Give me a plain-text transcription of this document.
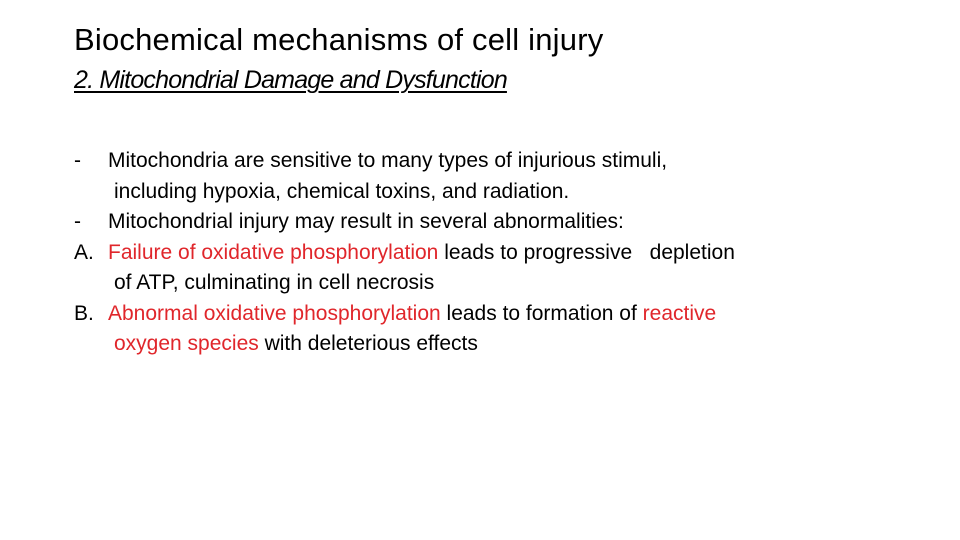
Biochemical mechanisms of cell injury
2. Mitochondrial Damage and Dysfunction
- Mitochondria are sensitive to many types of injurious stimuli,
including hypoxia, chemical toxins, and radiation.
- Mitochondrial injury may result in several abnormalities:
A. Failure of oxidative phosphorylation leads to progressive   depletion
of ATP, culminating in cell necrosis
B. Abnormal oxidative phosphorylation leads to formation of reactive
oxygen species with deleterious effects
